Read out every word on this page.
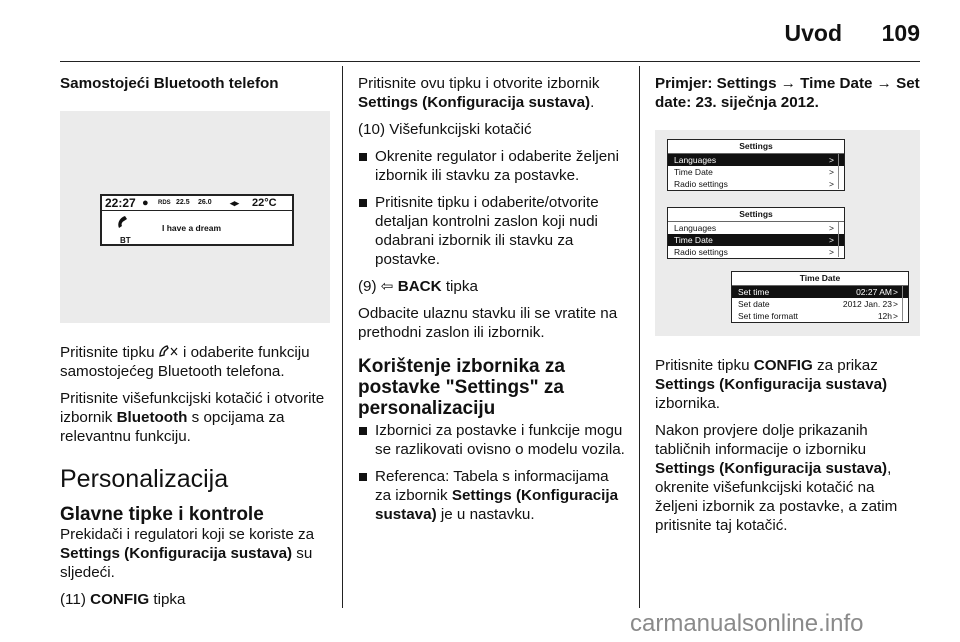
Uvod 109

Samostojeći Bluetooth telefon

22:27 ● RDS 22.5 26.0 ◂▸ 22°C
BT
I have a dream

Pritisnite tipku  i odaberite funkciju samostojećeg Bluetooth telefona.

Pritisnite višefunkcijski kotačić i otvorite izbornik Bluetooth s opcijama za relevantnu funkciju.

Personalizacija
Glavne tipke i kontrole

Prekidači i regulatori koji se koriste za Settings (Konfiguracija sustava) su sljedeći.

(11) CONFIG tipka

Pritisnite ovu tipku i otvorite izbornik Settings (Konfiguracija sustava).

(10) Višefunkcijski kotačić

Okrenite regulator i odaberite željeni izbornik ili stavku za postavke.
Pritisnite tipku i odaberite/otvorite detaljan kontrolni zaslon koji nudi odabrani izbornik ili stavku za postavke.

(9) ⇦ BACK tipka

Odbacite ulaznu stavku ili se vratite na prethodni zaslon ili izbornik.

Korištenje izbornika za postavke "Settings" za personalizaciju
Izbornici za postavke i funkcije mogu se razlikovati ovisno o modelu vozila.
Referenca: Tabela s informacijama za izbornik Settings (Konfiguracija sustava) je u nastavku.

Primjer: Settings → Time Date → Set date: 23. siječnja 2012.

Settings
Languages	>
Time Date	>
Radio settings	>
Settings
Languages	>
Time Date	>
Radio settings	>
Time Date
Set time	02:27 AM >
Set date	2012 Jan. 23 >
Set time formatt	12h >

Pritisnite tipku CONFIG za prikaz Settings (Konfiguracija sustava) izbornika.

Nakon provjere dolje prikazanih tabličnih informacije o izborniku Settings (Konfiguracija sustava), okrenite višefunkcijski kotačić na željeni izbornik za postavke, a zatim pritisnite taj kotačić.

carmanualsonline.info
